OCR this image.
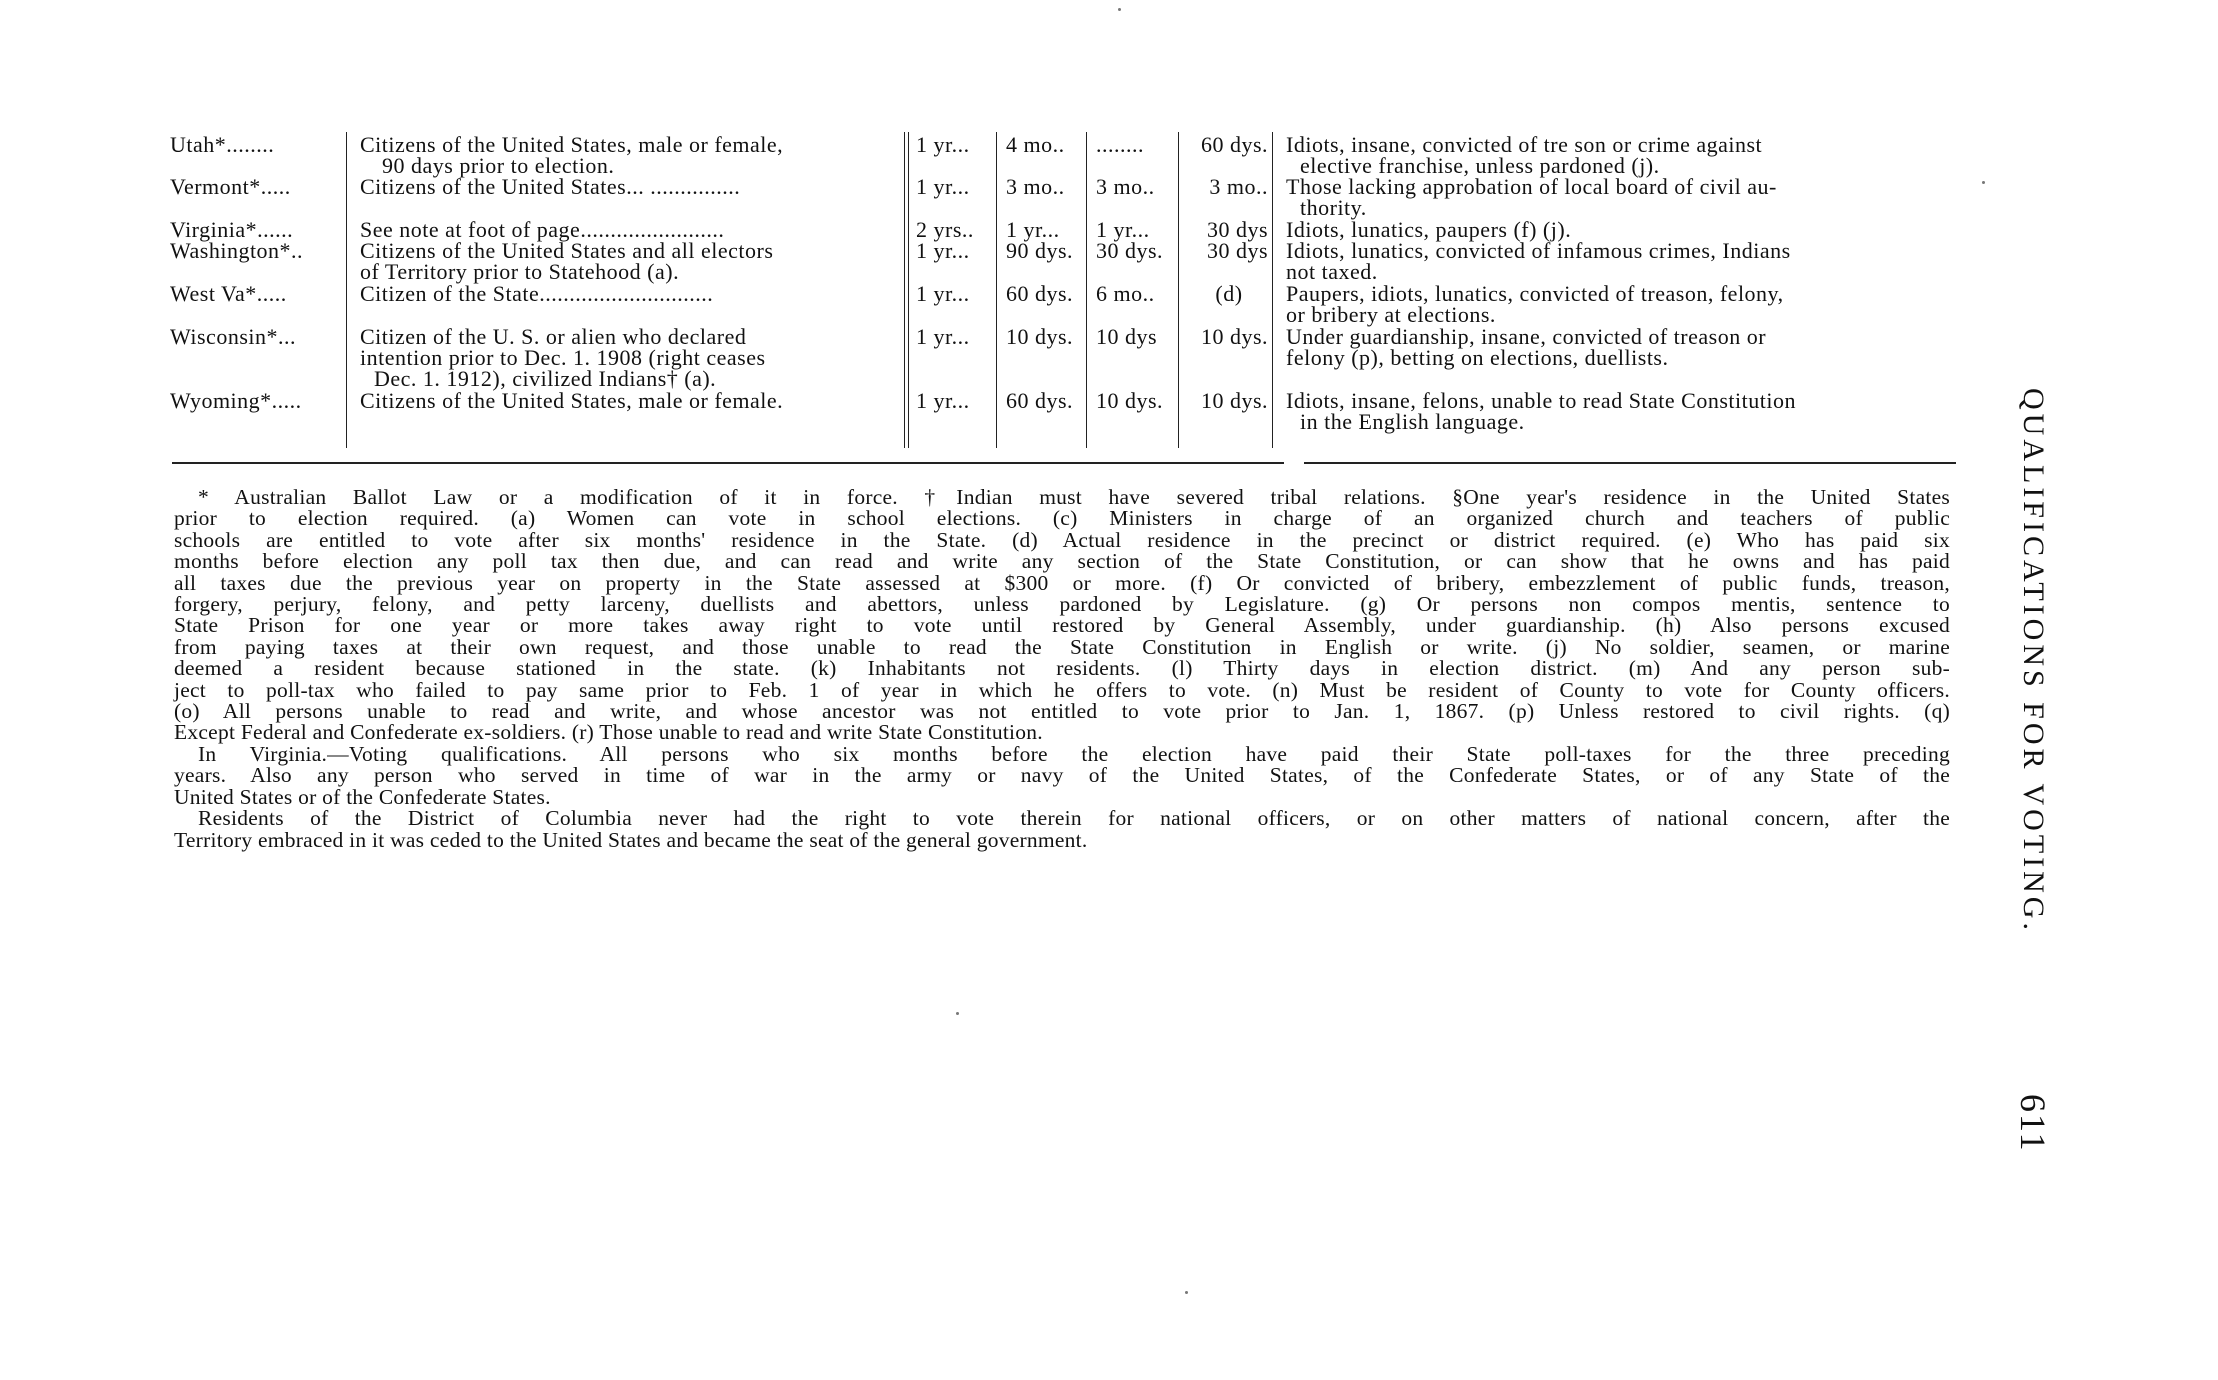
Utah*........	Citizens of the United States, male or female,
90 days prior to election.
1 yr...	4 mo..	........	60 dys. Idiots, insane, convicted of tre son or crime against
elective franchise, unless pardoned (j).
Vermont*.....	Citizens of the United States... ...............	1 yr...	3 mo..	3 mo..	3 mo.. Those lacking approbation of local board of civil au-
thority.
Virginia*......	See note at foot of page........................	2 yrs..	1 yr...	1 yr...	30 dys Idiots, lunatics, paupers (f) (j).
Washington*..	Citizens of the United States and all electors
of Territory prior to Statehood (a).
1 yr...	90 dys.	30 dys.	30 dys Idiots, lunatics, convicted of infamous crimes, Indians
not taxed.
West Va*.....	Citizen of the State.............................	1 yr...	60 dys.	6 mo..	(d)	Paupers, idiots, lunatics, convicted of treason, felony,
or bribery at elections.
Wisconsin*...	Citizen of the U. S. or alien who declared
intention prior to Dec. 1. 1908 (right ceases
Dec. 1. 1912), civilized Indians† (a).
1 yr...	10 dys.	10 dys	10 dys. Under guardianship, insane, convicted of treason or
felony (p), betting on elections, duellists.
Wyoming*.....	Citizens of the United States, male or female.	1 yr...	60 dys.	10 dys.	10 dys. Idiots, insane, felons, unable to read State Constitution
in the English language.

* Australian Ballot Law or a modification of it in force. †Indian must have severed tribal relations. §One year's residence in the United States

prior to election required. (a) Women can vote in school elections. (c) Ministers in charge of an organized church and teachers of public

schools are entitled to vote after six months' residence in the State. (d) Actual residence in the precinct or district required. (e) Who has paid six

months before election any poll tax then due, and can read and write any section of the State Constitution, or can show that he owns and has paid

all taxes due the previous year on property in the State assessed at $300 or more. (f) Or convicted of bribery, embezzlement of public funds, treason,

forgery, perjury, felony, and petty larceny, duellists and abettors, unless pardoned by Legislature. (g) Or persons non compos mentis, sentence to

State Prison for one year or more takes away right to vote until restored by General Assembly, under guardianship. (h) Also persons excused

from paying taxes at their own request, and those unable to read the State Constitution in English or write. (j) No soldier, seamen, or marine

deemed a resident because stationed in the state. (k) Inhabitants not residents. (l) Thirty days in election district. (m) And any person sub-

ject to poll-tax who failed to pay same prior to Feb. 1 of year in which he offers to vote. (n) Must be resident of County to vote for County officers.

(o) All persons unable to read and write, and whose ancestor was not entitled to vote prior to Jan. 1, 1867. (p) Unless restored to civil rights. (q)

Except Federal and Confederate ex-soldiers. (r) Those unable to read and write State Constitution.

In Virginia.—Voting qualifications. All persons who six months before the election have paid their State poll-taxes for the three preceding

years. Also any person who served in time of war in the army or navy of the United States, of the Confederate States, or of any State of the

United States or of the Confederate States.

Residents of the District of Columbia never had the right to vote therein for national officers, or on other matters of national concern, after the

Territory embraced in it was ceded to the United States and became the seat of the general government.	QUALIFICATIONS FOR VOTING.
611
